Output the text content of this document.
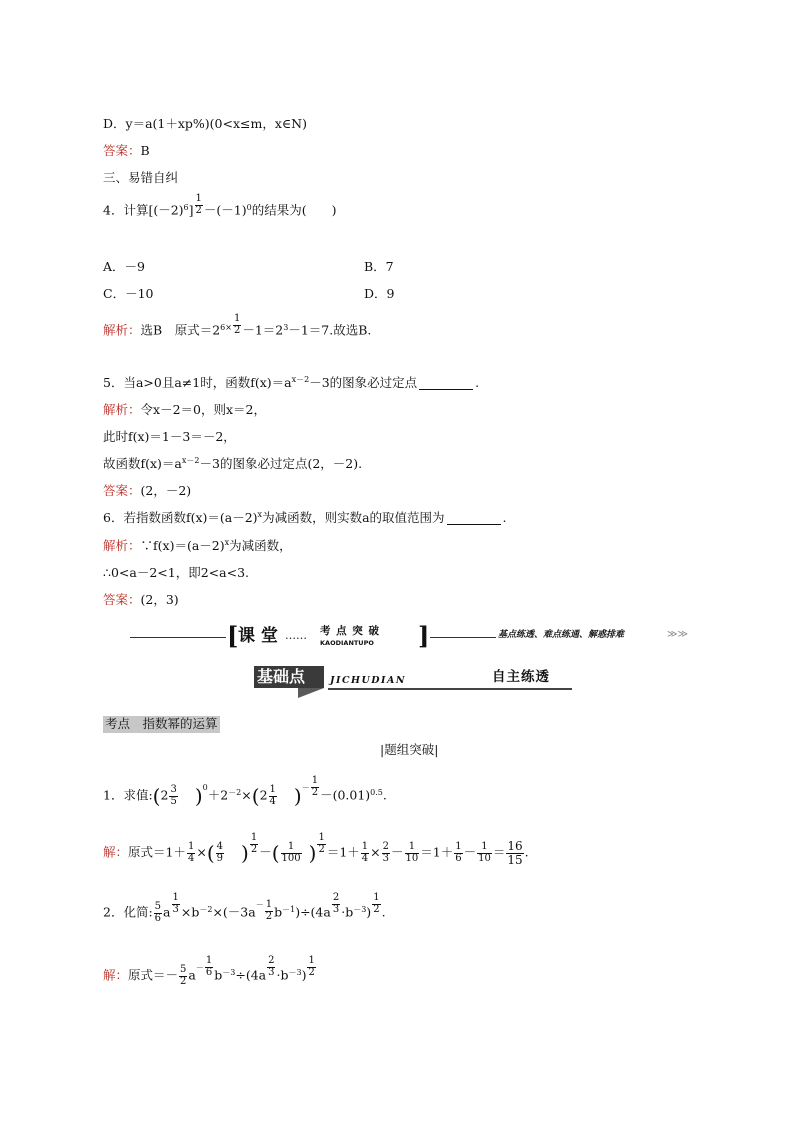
D．y＝a(1＋xp%)(0<x≤m，x∈N)
答案：B
三、易错自纠
4．计算$[(-2)^6] \frac{1}{2} -(-1)^0$的结果为(　　)
A．－9	B．7
C．－10	D．9
解析：选B　原式$=2^{6\times} \frac{1}{2} -1=2^3-1=7$.故选B.
5．当a>0且a≠1时，函数$f(x)=a^{x-2}-3$的图象必过定点	.
解析：令x－2＝0，则x＝2，
此时f(x)＝1－3＝－2，
故函数$f(x)=a^{x-2}-3$的图象必过定点(2，－2).
答案：(2，－2)
6．若指数函数$f(x)=(a-2)^x$为减函数，则实数a的取值范围为	.
解析：$\because f(x)=(a-2)^x$为减函数，
∴0<a－2<1，即2<a<3.
答案：(2，3)
[ 课 堂 …… 考 点 突 破
KAODIANTUPO ]	基点练透、难点练通、解惑排难	≫≫
基础点	JICHUDIAN	自主练透
考点　指数幂的运算
|题组突破|
1．求值:(2 $\frac{3}{5} )^0+2^{-2}\times(2 \frac{1}{4} )^- \frac{1}{2} -(0.01)^{0.5}$.
解：原式$=1+ \frac{1}{4}$ ×( $\frac{4}{9}$ ) $\frac{1}{2}$ －( $\frac{1}{100}$ ) $\frac{1}{2} =1+ \frac{1}{4} \times \frac{2}{3} - \frac{1}{10} =1+ \frac{1}{6} - \frac{1}{10} = \frac{16}{15}$ .
2．化简: $\frac{5}{6}$ a $\frac{1}{3} \times b^{-2}\times(-3a^- \frac{1}{2} b^{-1})\div(4a \frac{2}{3} \cdot b^{-3}) \frac{1}{2}$ .
解：原式＝－ $\frac{5}{2} a^- \frac{1}{6} b^{-3}\div(4a \frac{2}{3} \cdot b^{-3}) \frac{1}{2}$
